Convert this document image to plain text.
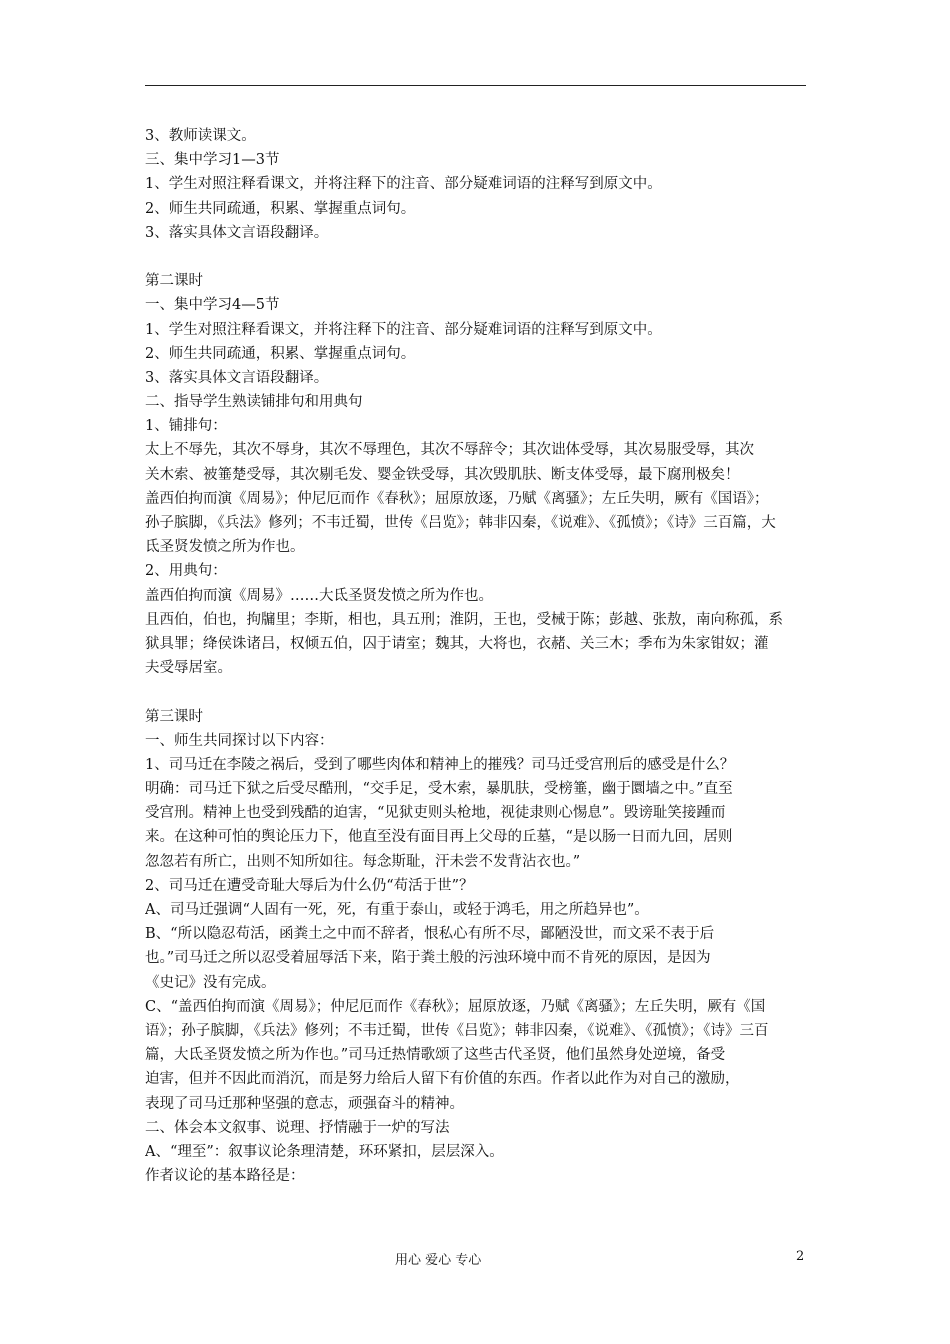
3、教师读课文。
三、集中学习1—3节
1、学生对照注释看课文，并将注释下的注音、部分疑难词语的注释写到原文中。
2、师生共同疏通，积累、掌握重点词句。
3、落实具体文言语段翻译。
第二课时
一、集中学习4—5节
1、学生对照注释看课文，并将注释下的注音、部分疑难词语的注释写到原文中。
2、师生共同疏通，积累、掌握重点词句。
3、落实具体文言语段翻译。
二、指导学生熟读铺排句和用典句
1、铺排句：
太上不辱先，其次不辱身，其次不辱理色，其次不辱辞令；其次诎体受辱，其次易服受辱，其次
关木索、被箠楚受辱，其次剔毛发、婴金铁受辱，其次毁肌肤、断支体受辱，最下腐刑极矣！
盖西伯拘而演《周易》；仲尼厄而作《春秋》；屈原放逐，乃赋《离骚》；左丘失明，厥有《国语》；
孙子膑脚，《兵法》修列；不韦迁蜀，世传《吕览》；韩非囚秦，《说难》、《孤愤》；《诗》三百篇，大
氐圣贤发愤之所为作也。
2、用典句：
盖西伯拘而演《周易》……大氐圣贤发愤之所为作也。
且西伯，伯也，拘牖里；李斯，相也，具五刑；淮阴，王也，受械于陈；彭越、张敖，南向称孤，系
狱具罪；绛侯诛诸吕，权倾五伯，囚于请室；魏其，大将也，衣赭、关三木；季布为朱家钳奴；灌
夫受辱居室。
第三课时
一、师生共同探讨以下内容：
1、司马迁在李陵之祸后，受到了哪些肉体和精神上的摧残？司马迁受宫刑后的感受是什么？
明确：司马迁下狱之后受尽酷刑，“交手足，受木索，暴肌肤，受榜箠，幽于圜墙之中。”直至
受宫刑。精神上也受到残酷的迫害，“见狱吏则头枪地，视徒隶则心惕息”。毁谤耻笑接踵而
来。在这种可怕的舆论压力下，他直至没有面目再上父母的丘墓，“是以肠一日而九回，居则
忽忽若有所亡，出则不知所如往。每念斯耻，汗未尝不发背沾衣也。”
2、司马迁在遭受奇耻大辱后为什么仍“苟活于世”？
A、司马迁强调“人固有一死，死，有重于泰山，或轻于鸿毛，用之所趋异也”。
B、“所以隐忍苟活，函粪土之中而不辞者，恨私心有所不尽，鄙陋没世，而文采不表于后
也。”司马迁之所以忍受着屈辱活下来，陷于粪土般的污浊环境中而不肯死的原因，是因为
《史记》没有完成。
C、“盖西伯拘而演《周易》；仲尼厄而作《春秋》；屈原放逐，乃赋《离骚》；左丘失明，厥有《国
语》；孙子膑脚，《兵法》修列；不韦迁蜀，世传《吕览》；韩非囚秦，《说难》、《孤愤》；《诗》三百
篇，大氐圣贤发愤之所为作也。”司马迁热情歌颂了这些古代圣贤，他们虽然身处逆境，备受
迫害，但并不因此而消沉，而是努力给后人留下有价值的东西。作者以此作为对自己的激励，
表现了司马迁那种坚强的意志，顽强奋斗的精神。
二、体会本文叙事、说理、抒情融于一炉的写法
A、“理至”：叙事议论条理清楚，环环紧扣，层层深入。
作者议论的基本路径是：
用心 爱心 专心	2
